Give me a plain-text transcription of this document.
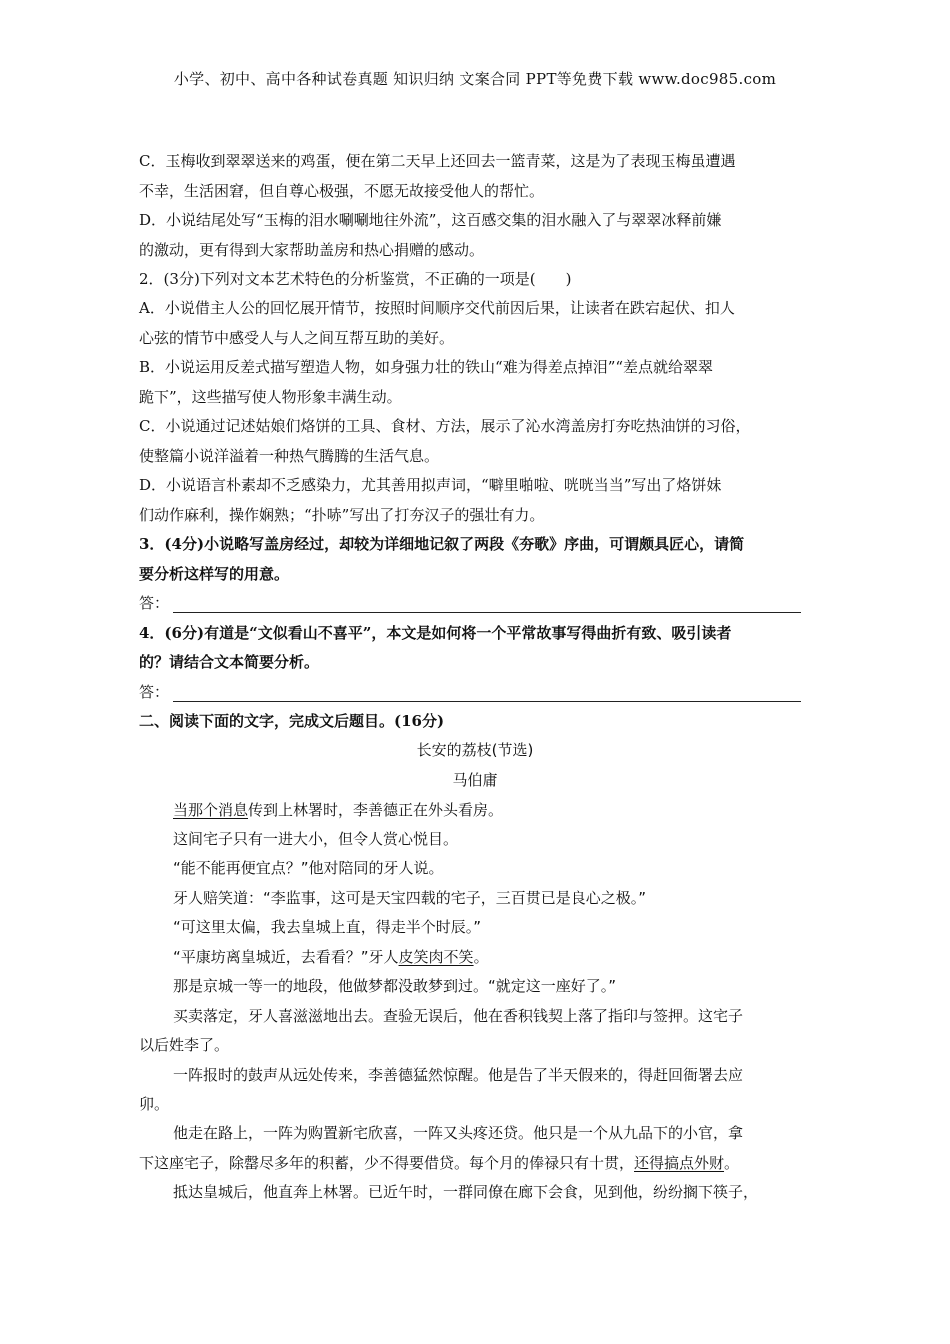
小学、初中、高中各种试卷真题 知识归纳 文案合同 PPT等免费下载 www.doc985.com
C．玉梅收到翠翠送来的鸡蛋，便在第二天早上还回去一篮青菜，这是为了表现玉梅虽遭遇
不幸，生活困窘，但自尊心极强，不愿无故接受他人的帮忙。
D．小说结尾处写“玉梅的泪水唰唰地往外流”，这百感交集的泪水融入了与翠翠冰释前嫌
的激动，更有得到大家帮助盖房和热心捐赠的感动。
2．(3分)下列对文本艺术特色的分析鉴赏，不正确的一项是(　　)
A．小说借主人公的回忆展开情节，按照时间顺序交代前因后果，让读者在跌宕起伏、扣人
心弦的情节中感受人与人之间互帮互助的美好。
B．小说运用反差式描写塑造人物，如身强力壮的铁山“难为得差点掉泪”“差点就给翠翠
跪下”，这些描写使人物形象丰满生动。
C．小说通过记述姑娘们烙饼的工具、食材、方法，展示了沁水湾盖房打夯吃热油饼的习俗，
使整篇小说洋溢着一种热气腾腾的生活气息。
D．小说语言朴素却不乏感染力，尤其善用拟声词，“噼里啪啦、咣咣当当”写出了烙饼妹
们动作麻利，操作娴熟；“扑哧”写出了打夯汉子的强壮有力。
3．(4分)小说略写盖房经过，却较为详细地记叙了两段《夯歌》序曲，可谓颇具匠心，请简
要分析这样写的用意。
答：
4．(6分)有道是“文似看山不喜平”，本文是如何将一个平常故事写得曲折有致、吸引读者
的？请结合文本简要分析。
答：
二、阅读下面的文字，完成文后题目。(16分)
长安的荔枝(节选)
马伯庸
当那个消息传到上林署时，李善德正在外头看房。
这间宅子只有一进大小，但令人赏心悦目。
“能不能再便宜点？”他对陪同的牙人说。
牙人赔笑道：“李监事，这可是天宝四载的宅子，三百贯已是良心之极。”
“可这里太偏，我去皇城上直，得走半个时辰。”
“平康坊离皇城近，去看看？”牙人皮笑肉不笑。
那是京城一等一的地段，他做梦都没敢梦到过。“就定这一座好了。”
买卖落定，牙人喜滋滋地出去。查验无误后，他在香积钱契上落了指印与签押。这宅子
以后姓李了。
一阵报时的鼓声从远处传来，李善德猛然惊醒。他是告了半天假来的，得赶回衙署去应
卯。
他走在路上，一阵为购置新宅欣喜，一阵又头疼还贷。他只是一个从九品下的小官，拿
下这座宅子，除罄尽多年的积蓄，少不得要借贷。每个月的俸禄只有十贯，还得搞点外财。
抵达皇城后，他直奔上林署。已近午时，一群同僚在廊下会食，见到他，纷纷搁下筷子，
